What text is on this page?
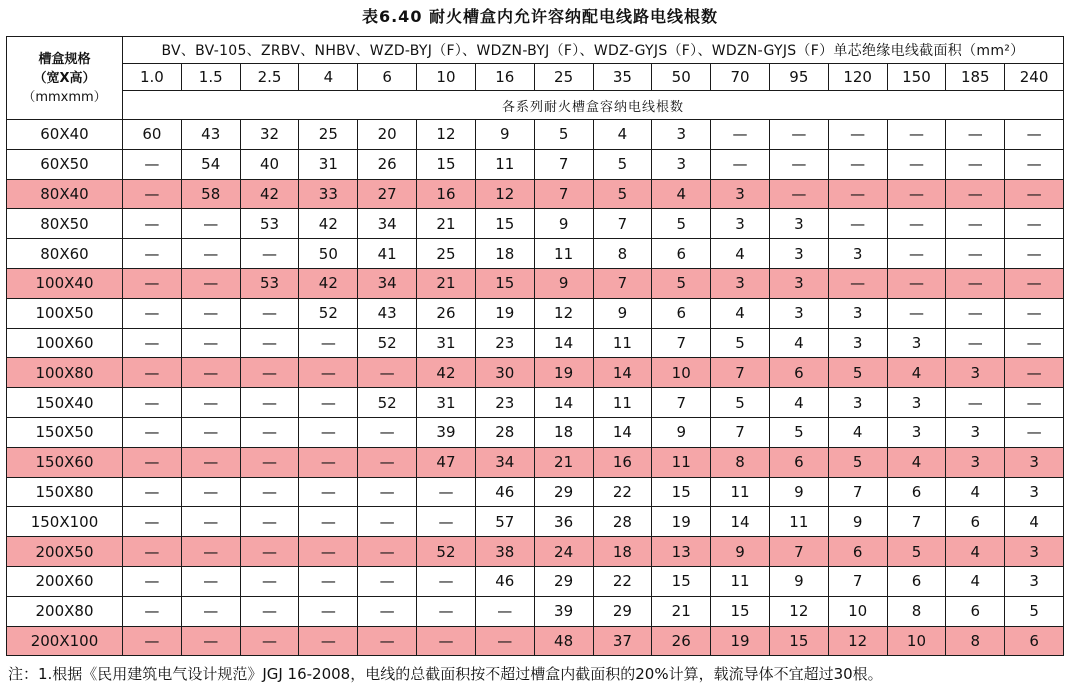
表6.40 耐火槽盒内允许容纳配电线路电线根数
槽盒规格
（宽X高）
（mmxmm）	BV、BV-105、ZRBV、NHBV、WZD-BYJ（F）、WDZN-BYJ（F）、WDZ-GYJS（F）、WDZN-GYJS（F）单芯绝缘电线截面积（mm²）															
	1.0	1.5	2.5	4	6	10	16	25	35	50	70	95	120	150	185	240
	各系列耐火槽盒容纳电线根数															
60X40	60	43	32	25	20	12	9	5	4	3	—	—	—	—	—	—
60X50	—	54	40	31	26	15	11	7	5	3	—	—	—	—	—	—
80X40	—	58	42	33	27	16	12	7	5	4	3	—	—	—	—	—
80X50	—	—	53	42	34	21	15	9	7	5	3	3	—	—	—	—
80X60	—	—	—	50	41	25	18	11	8	6	4	3	3	—	—	—
100X40	—	—	53	42	34	21	15	9	7	5	3	3	—	—	—	—
100X50	—	—	—	52	43	26	19	12	9	6	4	3	3	—	—	—
100X60	—	—	—	—	52	31	23	14	11	7	5	4	3	3	—	—
100X80	—	—	—	—	—	42	30	19	14	10	7	6	5	4	3	—
150X40	—	—	—	—	52	31	23	14	11	7	5	4	3	3	—	—
150X50	—	—	—	—	—	39	28	18	14	9	7	5	4	3	3	—
150X60	—	—	—	—	—	47	34	21	16	11	8	6	5	4	3	3
150X80	—	—	—	—	—	—	46	29	22	15	11	9	7	6	4	3
150X100	—	—	—	—	—	—	57	36	28	19	14	11	9	7	6	4
200X50	—	—	—	—	—	52	38	24	18	13	9	7	6	5	4	3
200X60	—	—	—	—	—	—	46	29	22	15	11	9	7	6	4	3
200X80	—	—	—	—	—	—	—	39	29	21	15	12	10	8	6	5
200X100	—	—	—	—	—	—	—	48	37	26	19	15	12	10	8	6
注：1.根据《民用建筑电气设计规范》JGJ 16-2008，电线的总截面积按不超过槽盒内截面积的20%计算，载流导体不宜超过30根。
